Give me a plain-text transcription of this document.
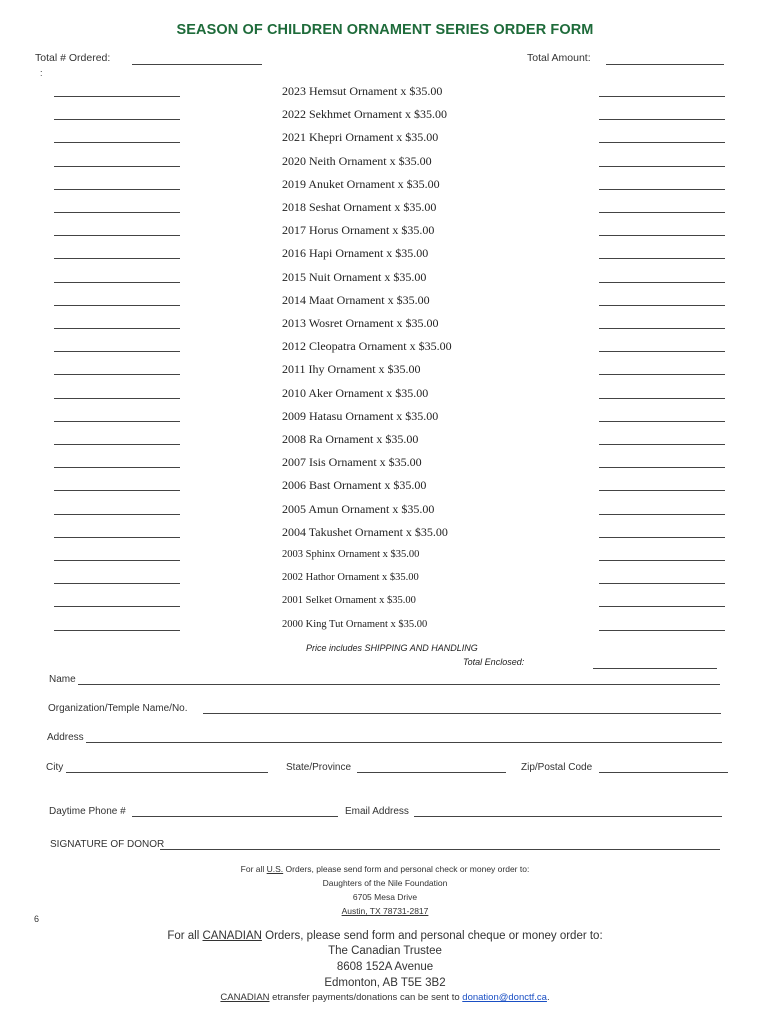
SEASON OF CHILDREN ORNAMENT SERIES ORDER FORM
Total # Ordered:	Total Amount:
:
2023 Hemsut Ornament x $35.00
2022 Sekhmet Ornament x $35.00
2021 Khepri Ornament x $35.00
2020 Neith Ornament x $35.00
2019 Anuket Ornament x $35.00
2018 Seshat Ornament x $35.00
2017 Horus Ornament x $35.00
2016 Hapi Ornament x $35.00
2015 Nuit Ornament x $35.00
2014 Maat Ornament x $35.00
2013 Wosret Ornament x $35.00
2012 Cleopatra Ornament x $35.00
2011 Ihy Ornament x $35.00
2010 Aker Ornament x $35.00
2009 Hatasu Ornament x $35.00
2008 Ra Ornament x $35.00
2007 Isis Ornament x $35.00
2006 Bast Ornament x $35.00
2005 Amun Ornament x $35.00
2004 Takushet Ornament x $35.00
2003 Sphinx Ornament x $35.00
2002 Hathor Ornament x $35.00
2001 Selket Ornament x $35.00
2000 King Tut Ornament x $35.00
Price includes SHIPPING AND HANDLING
Total Enclosed:
Name
Organization/Temple Name/No.
Address
City	State/Province	Zip/Postal Code
Daytime Phone #	Email Address
SIGNATURE OF DONOR
For all U.S. Orders, please send form and personal check or money order to:
Daughters of the Nile Foundation
6705 Mesa Drive
Austin, TX 78731-2817
6
For all CANADIAN Orders, please send form and personal cheque or money order to:
The Canadian Trustee
8608 152A Avenue
Edmonton, AB T5E 3B2
CANADIAN etransfer payments/donations can be sent to donation@donctf.ca.
